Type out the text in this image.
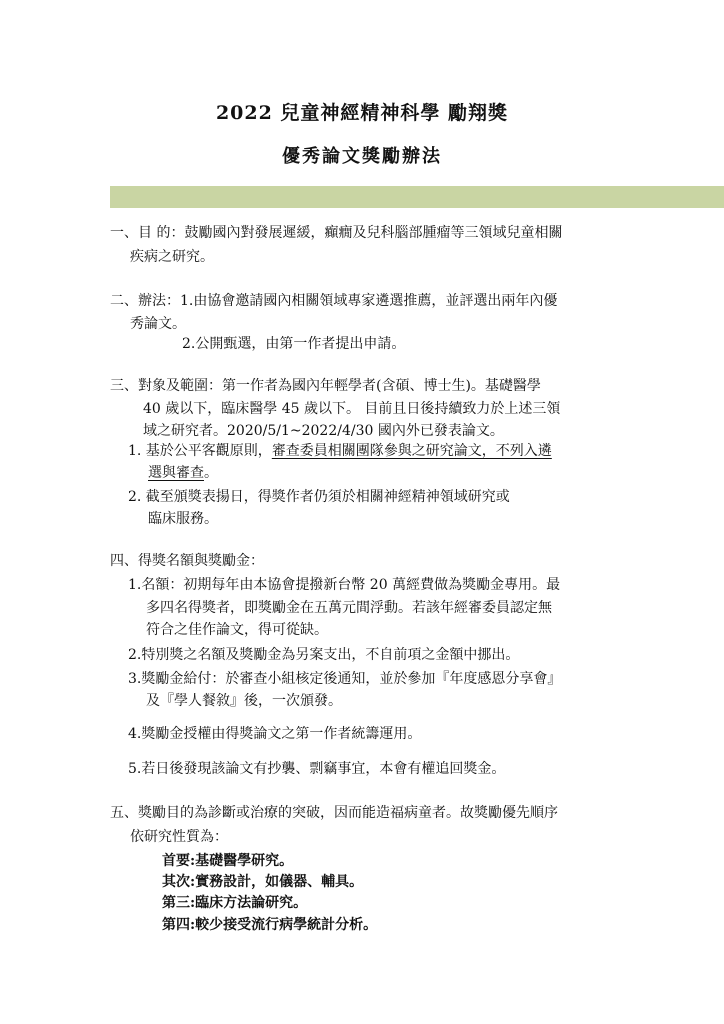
2022 兒童神經精神科學 勵翔獎
優秀論文獎勵辦法
一、目 的：鼓勵國內對發展遲緩，癲癇及兒科腦部腫瘤等三領域兒童相關
疾病之研究。
二、辦法：1.由協會邀請國內相關領域專家遴選推薦，並評選出兩年內優
秀論文。
2.公開甄選，由第一作者提出申請。
三、對象及範圍：第一作者為國內年輕學者(含碩、博士生)。基礎醫學
40 歲以下，臨床醫學 45 歲以下。 目前且日後持續致力於上述三領
域之研究者。2020/5/1~2022/4/30 國內外已發表論文。
1. 基於公平客觀原則，審查委員相關團隊參與之研究論文，不列入遴
選與審查。
2. 截至頒獎表揚日，得獎作者仍須於相關神經精神領域研究或
臨床服務。
四、得獎名額與獎勵金：
1.名額：初期每年由本協會提撥新台幣 20 萬經費做為獎勵金專用。最
多四名得獎者，即獎勵金在五萬元間浮動。若該年經審委員認定無
符合之佳作論文，得可從缺。
2.特別獎之名額及獎勵金為另案支出，不自前項之金額中挪出。
3.獎勵金給付：於審查小組核定後通知，並於參加『年度感恩分享會』
及『學人餐敘』後，一次頒發。
4.獎勵金授權由得獎論文之第一作者統籌運用。
5.若日後發現該論文有抄襲、剽竊事宜，本會有權追回獎金。
五、獎勵目的為診斷或治療的突破，因而能造福病童者。故獎勵優先順序
依研究性質為：
首要:基礎醫學研究。
其次:實務設計，如儀器、輔具。
第三:臨床方法論研究。
第四:較少接受流行病學統計分析。
